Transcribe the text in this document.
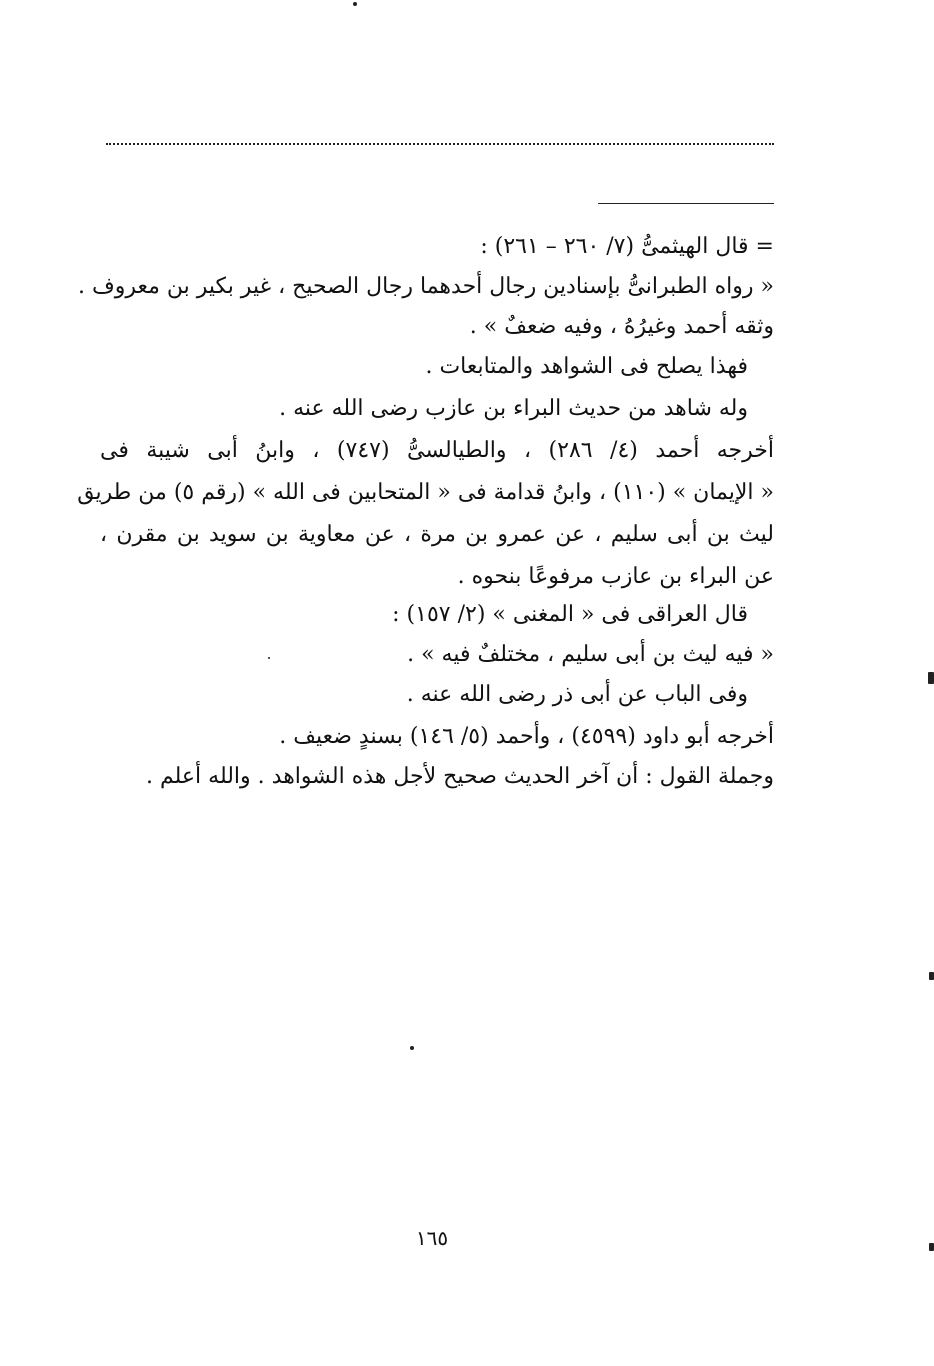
= قال الهيثمىُّ (٧/ ٢٦٠ – ٢٦١) :
« رواه الطبرانىُّ بإسنادين رجال أحدهما رجال الصحيح ، غير بكير بن معروف .
وثقه أحمد وغيرُهُ ، وفيه ضعفٌ » .
فهذا يصلح فى الشواهد والمتابعات .
وله شاهد من حديث البراء بن عازب رضى الله عنه .
أخرجه أحمد (٤/ ٢٨٦) ، والطيالسىُّ (٧٤٧) ، وابنُ أبى شيبة فى
« الإيمان » (١١٠) ، وابنُ قدامة فى « المتحابين فى الله » (رقم ٥) من طريق
ليث بن أبى سليم ، عن عمرو بن مرة ، عن معاوية بن سويد بن مقرن ،
عن البراء بن عازب مرفوعًا بنحوه .
قال العراقى فى « المغنى » (٢/ ١٥٧) :
« فيه ليث بن أبى سليم ، مختلفٌ فيه » .
وفى الباب عن أبى ذر رضى الله عنه .
أخرجه أبو داود (٤٥٩٩) ، وأحمد (٥/ ١٤٦) بسندٍ ضعيف .
وجملة القول : أن آخر الحديث صحيح لأجل هذه الشواهد . والله أعلم .
١٦٥
